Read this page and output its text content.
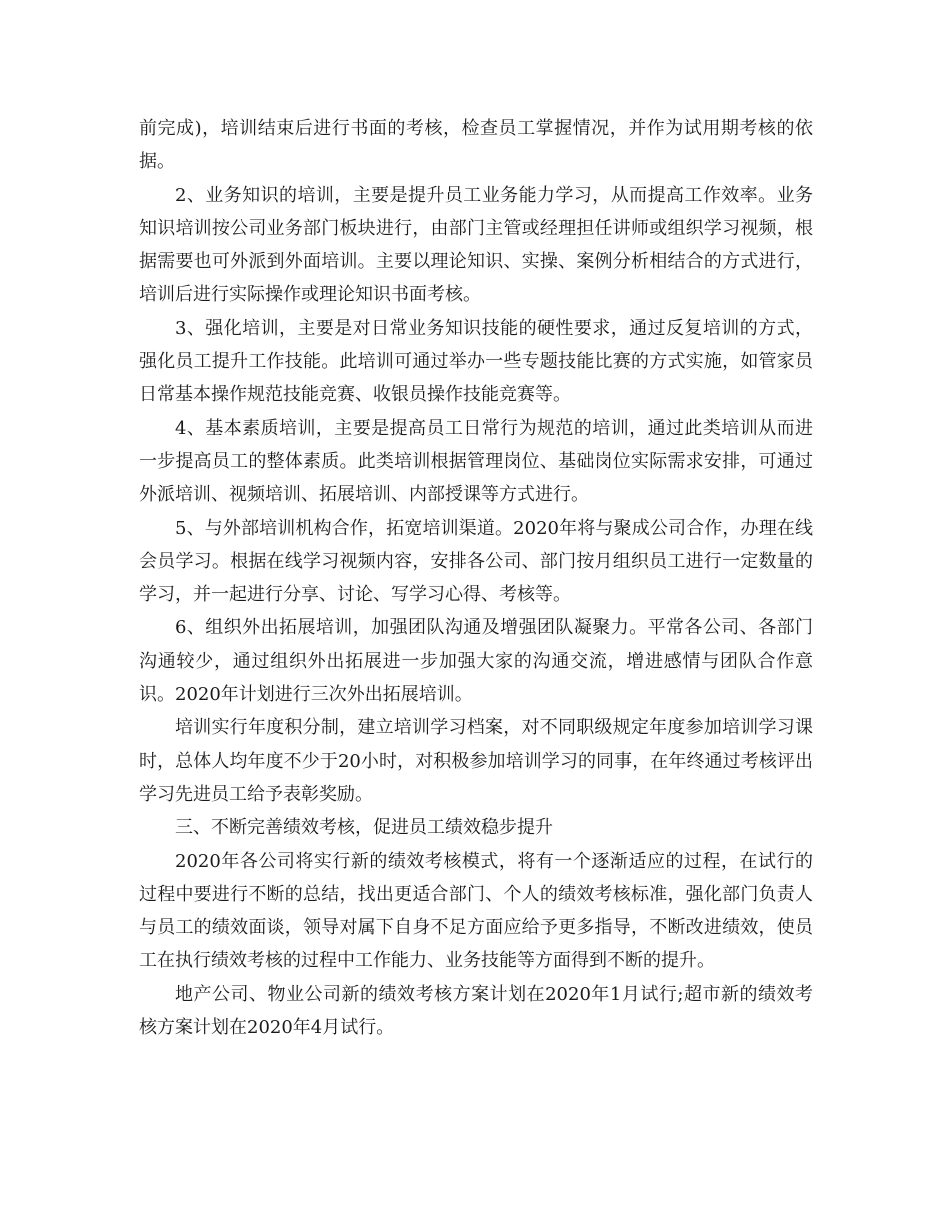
前完成)，培训结束后进行书面的考核，检查员工掌握情况，并作为试用期考核的依据。

2、业务知识的培训，主要是提升员工业务能力学习，从而提高工作效率。业务知识培训按公司业务部门板块进行，由部门主管或经理担任讲师或组织学习视频，根据需要也可外派到外面培训。主要以理论知识、实操、案例分析相结合的方式进行，培训后进行实际操作或理论知识书面考核。

3、强化培训，主要是对日常业务知识技能的硬性要求，通过反复培训的方式，强化员工提升工作技能。此培训可通过举办一些专题技能比赛的方式实施，如管家员日常基本操作规范技能竞赛、收银员操作技能竞赛等。

4、基本素质培训，主要是提高员工日常行为规范的培训，通过此类培训从而进一步提高员工的整体素质。此类培训根据管理岗位、基础岗位实际需求安排，可通过外派培训、视频培训、拓展培训、内部授课等方式进行。

5、与外部培训机构合作，拓宽培训渠道。2020年将与聚成公司合作，办理在线会员学习。根据在线学习视频内容，安排各公司、部门按月组织员工进行一定数量的学习，并一起进行分享、讨论、写学习心得、考核等。

6、组织外出拓展培训，加强团队沟通及增强团队凝聚力。平常各公司、各部门沟通较少，通过组织外出拓展进一步加强大家的沟通交流，增进感情与团队合作意识。2020年计划进行三次外出拓展培训。

培训实行年度积分制，建立培训学习档案，对不同职级规定年度参加培训学习课时，总体人均年度不少于20小时，对积极参加培训学习的同事，在年终通过考核评出学习先进员工给予表彰奖励。

三、不断完善绩效考核，促进员工绩效稳步提升

2020年各公司将实行新的绩效考核模式，将有一个逐渐适应的过程，在试行的过程中要进行不断的总结，找出更适合部门、个人的绩效考核标准，强化部门负责人与员工的绩效面谈，领导对属下自身不足方面应给予更多指导，不断改进绩效，使员工在执行绩效考核的过程中工作能力、业务技能等方面得到不断的提升。

地产公司、物业公司新的绩效考核方案计划在2020年1月试行;超市新的绩效考核方案计划在2020年4月试行。
